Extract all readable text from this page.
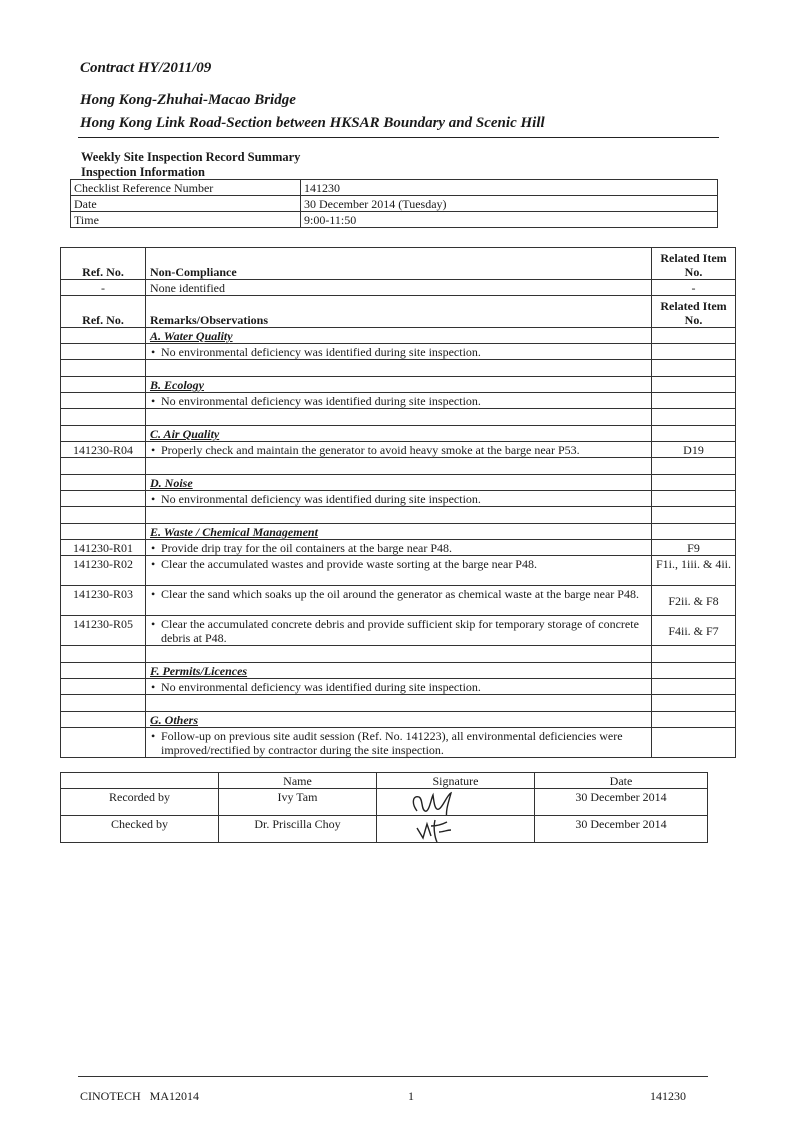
Contract HY/2011/09
Hong Kong-Zhuhai-Macao Bridge
Hong Kong Link Road-Section between HKSAR Boundary and Scenic Hill
Weekly Site Inspection Record Summary
Inspection Information
Checklist Reference Number	141230
Date	30 December 2014 (Tuesday)
Time	9:00-11:50
Ref. No.	Non-Compliance	Related Item No.
-	None identified	-
Ref. No.	Remarks/Observations	Related Item No.
	A. Water Quality	

	• No environmental deficiency was identified during site inspection.

	B. Ecology	

	• No environmental deficiency was identified during site inspection.

	C. Air Quality	
141230-R04	• Properly check and maintain the generator to avoid heavy smoke at the barge near P53.	D19

	D. Noise	

	• No environmental deficiency was identified during site inspection.

	E. Waste / Chemical Management	
141230-R01	• Provide drip tray for the oil containers at the barge near P48.	F9
141230-R02	• Clear the accumulated wastes and provide waste sorting at the barge near P48.	F1i., 1iii. & 4ii.
141230-R03	• Clear the sand which soaks up the oil around the generator as chemical waste at the barge near P48.	F2ii. & F8
141230-R05	• Clear the accumulated concrete debris and provide sufficient skip for temporary storage of concrete debris at P48.	F4ii. & F7

	F. Permits/Licences	

	• No environmental deficiency was identified during site inspection.

	G. Others	

	• Follow-up on previous site audit session (Ref. No. 141223), all environmental deficiencies were improved/rectified by contractor during the site inspection.

	Name	Signature	Date
Recorded by	Ivy Tam		30 December 2014
Checked by	Dr. Priscilla Choy		30 December 2014
CINOTECH   MA12014	1	141230
